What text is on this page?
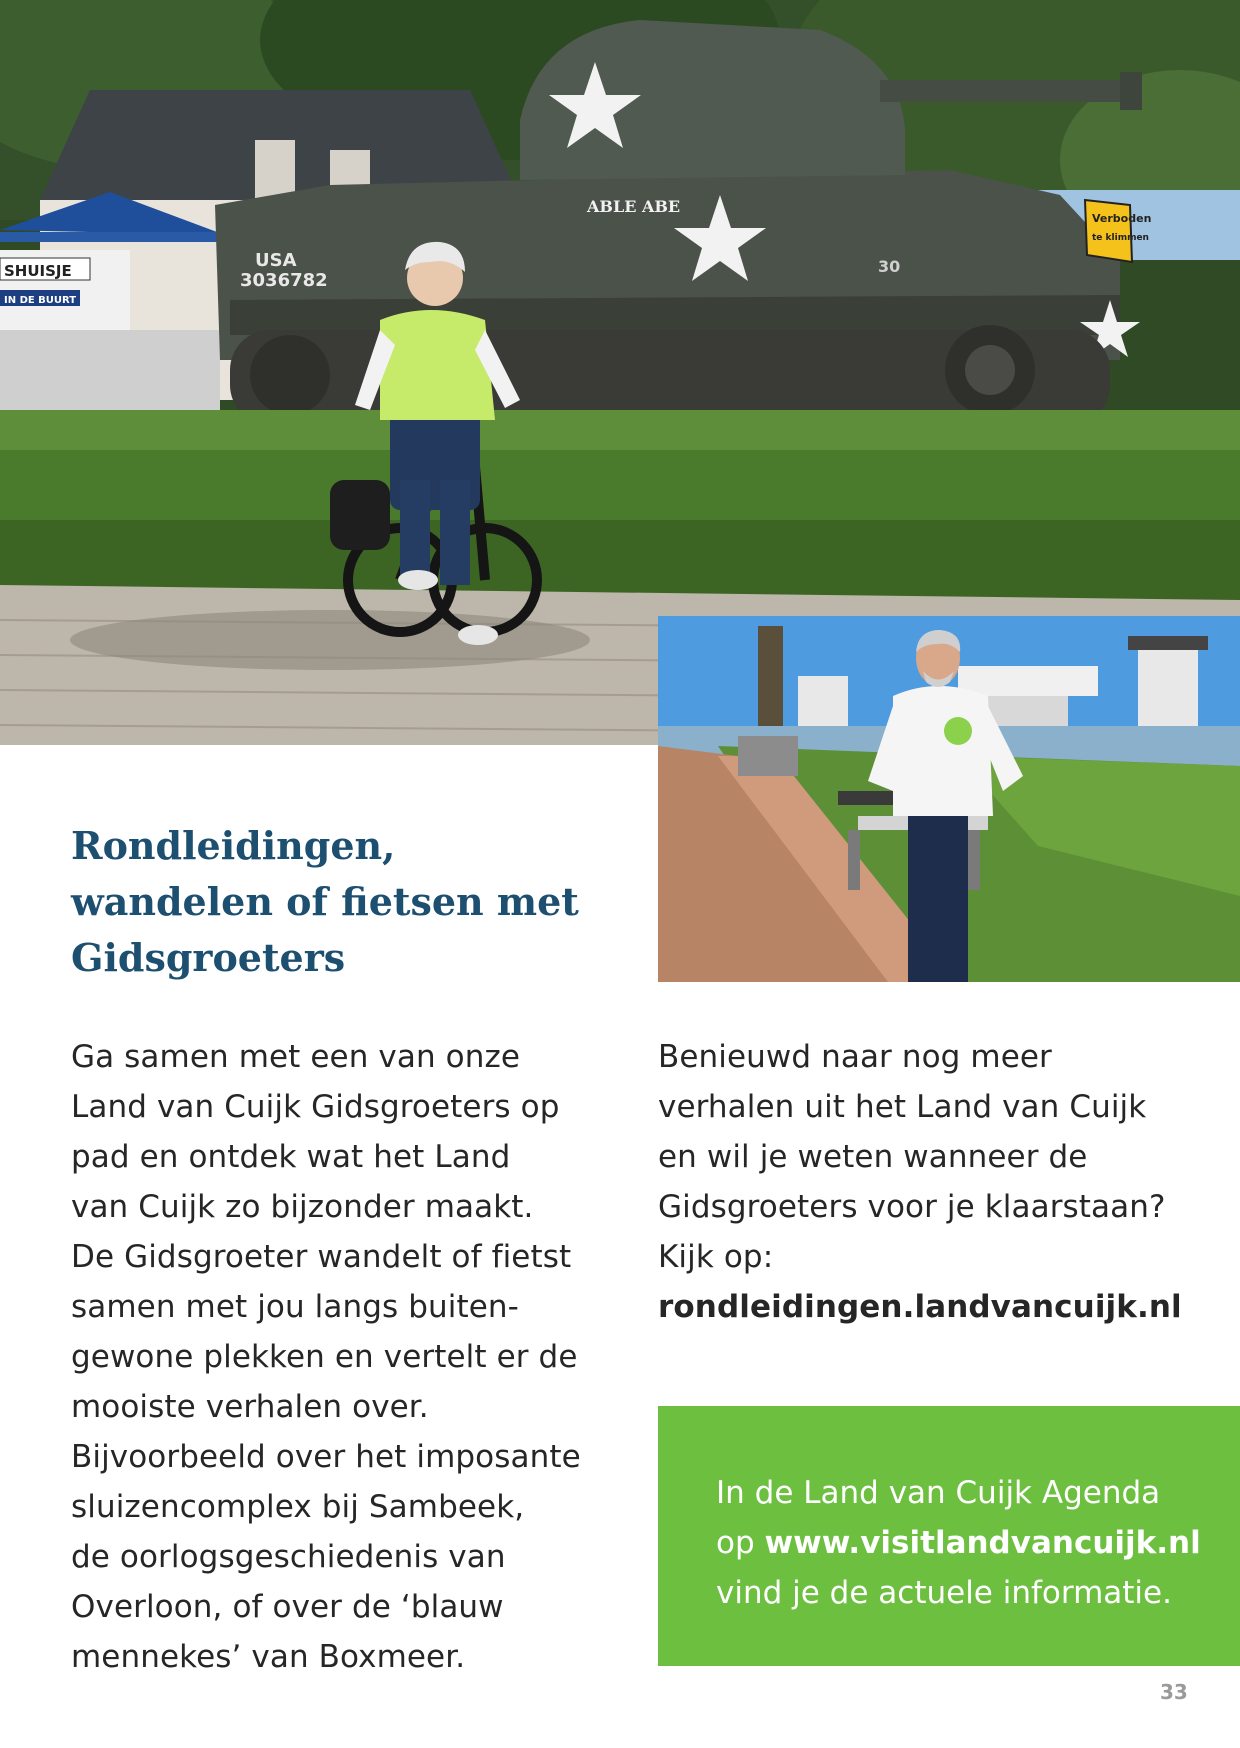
SHUISJE
IN DE BUURT
ABLE ABE
USA
3036782
30
Verboden
te klimmen
Rondleidingen,
wandelen of fietsen met
Gidsgroeters

Ga samen met een van onze
Land van Cuijk Gidsgroeters op
pad en ontdek wat het Land
van Cuijk zo bijzonder maakt.
De Gidsgroeter wandelt of fietst
samen met jou langs buiten-
gewone plekken en vertelt er de
mooiste verhalen over.
Bijvoorbeeld over het imposante
sluizencomplex bij Sambeek,
de oorlogsgeschiedenis van
Overloon, of over de ‘blauw
mennekes’ van Boxmeer.

Benieuwd naar nog meer
verhalen uit het Land van Cuijk
en wil je weten wanneer de
Gidsgroeters voor je klaarstaan?
Kijk op:
rondleidingen.landvancuijk.nl

In de Land van Cuijk Agenda
op www.visitlandvancuijk.nl
vind je de actuele informatie.
33
